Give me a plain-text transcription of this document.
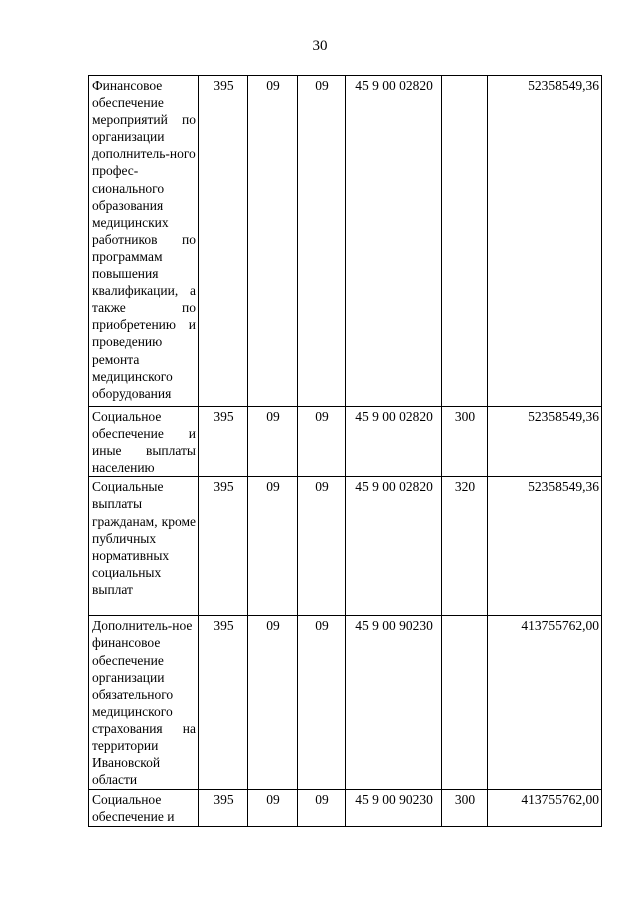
30
Финансовое обеспечение мероприятий по организации дополнитель-ного профес-сионального образования медицинских работников по программам повышения квалификации, а также по приобретению и проведению ремонта медицинского оборудования	395	09	09	45 9 00 02820		52358549,36
Социальное обеспечение и иные выплаты населению	395	09	09	45 9 00 02820	300	52358549,36
Социальные выплаты гражданам, кроме публичных нормативных социальных выплат	395	09	09	45 9 00 02820	320	52358549,36
Дополнитель-ное финансовое обеспечение организации обязательного медицинского страхования на территории Ивановской области	395	09	09	45 9 00 90230		413755762,00
Социальное обеспечение и	395	09	09	45 9 00 90230	300	413755762,00
